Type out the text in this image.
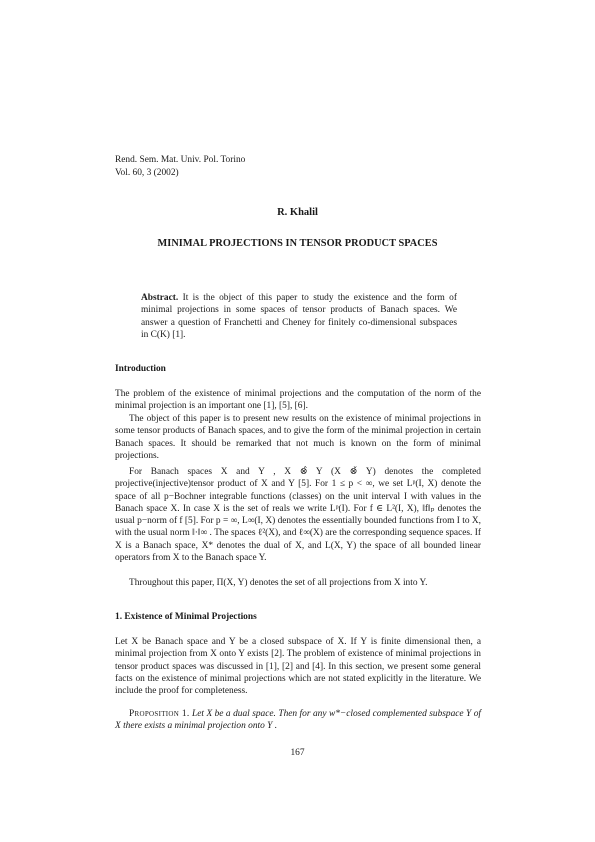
Rend. Sem. Mat. Univ. Pol. Torino
Vol. 60, 3 (2002)
R. Khalil
MINIMAL PROJECTIONS IN TENSOR PRODUCT SPACES
Abstract. It is the object of this paper to study the existence and the form of minimal projections in some spaces of tensor products of Banach spaces. We answer a question of Franchetti and Cheney for finitely co-dimensional subspaces in C(K) [1].
Introduction

The problem of the existence of minimal projections and the computation of the norm of the minimal projection is an important one [1], [5], [6].

The object of this paper is to present new results on the existence of minimal projections in some tensor products of Banach spaces, and to give the form of the minimal projection in certain Banach spaces. It should be remarked that not much is known on the form of minimal projections.

For Banach spaces X and Y , X ⊗̂ Y (X ⊗̌ Y) denotes the completed projective(injective)tensor product of X and Y [5]. For 1 ≤ p < ∞, we set Lᵖ(I, X) denote the space of all p−Bochner integrable functions (classes) on the unit interval I with values in the Banach space X. In case X is the set of reals we write Lᵖ(I). For f ∈ L²(I, X), ‖f‖ₚ denotes the usual p−norm of f [5]. For p = ∞, L∞(I, X) denotes the essentially bounded functions from I to X, with the usual norm ‖·‖∞ . The spaces ℓ²(X), and ℓ∞(X) are the corresponding sequence spaces. If X is a Banach space, X* denotes the dual of X, and L(X, Y) the space of all bounded linear operators from X to the Banach space Y.

Throughout this paper, Π(X, Y) denotes the set of all projections from X into Y.

1. Existence of Minimal Projections

Let X be Banach space and Y be a closed subspace of X. If Y is finite dimensional then, a minimal projection from X onto Y exists [2]. The problem of existence of minimal projections in tensor product spaces was discussed in [1], [2] and [4]. In this section, we present some general facts on the existence of minimal projections which are not stated explicitly in the literature. We include the proof for completeness.

Proposition 1. Let X be a dual space. Then for any w*−closed complemented subspace Y of X there exists a minimal projection onto Y .

167
